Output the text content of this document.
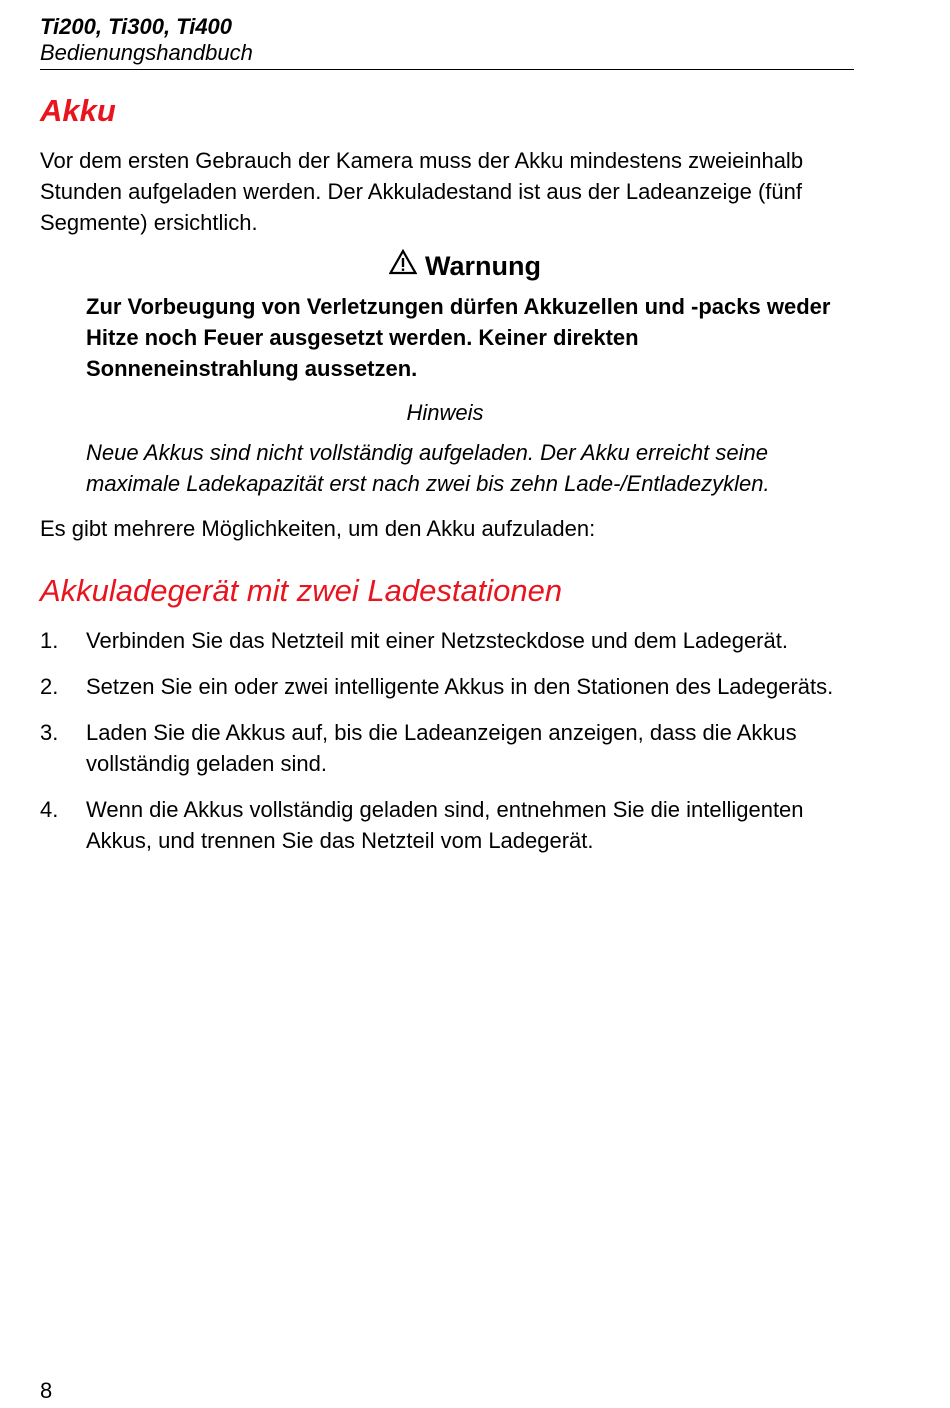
Ti200, Ti300, Ti400
Bedienungshandbuch
Akku

Vor dem ersten Gebrauch der Kamera muss der Akku mindestens zweieinhalb Stunden aufgeladen werden. Der Akkuladestand ist aus der Ladeanzeige (fünf Segmente) ersichtlich.

Warnung

Zur Vorbeugung von Verletzungen dürfen Akkuzellen und -packs weder Hitze noch Feuer ausgesetzt werden. Keiner direkten Sonneneinstrahlung aussetzen.

Hinweis

Neue Akkus sind nicht vollständig aufgeladen. Der Akku erreicht seine maximale Ladekapazität erst nach zwei bis zehn Lade-/Entladezyklen.

Es gibt mehrere Möglichkeiten, um den Akku aufzuladen:

Akkuladegerät mit zwei Ladestationen
1. Verbinden Sie das Netzteil mit einer Netzsteckdose und dem Ladegerät.
2. Setzen Sie ein oder zwei intelligente Akkus in den Stationen des Ladegeräts.
3. Laden Sie die Akkus auf, bis die Ladeanzeigen anzeigen, dass die Akkus vollständig geladen sind.
4. Wenn die Akkus vollständig geladen sind, entnehmen Sie die intelligenten Akkus, und trennen Sie das Netzteil vom Ladegerät.
8
